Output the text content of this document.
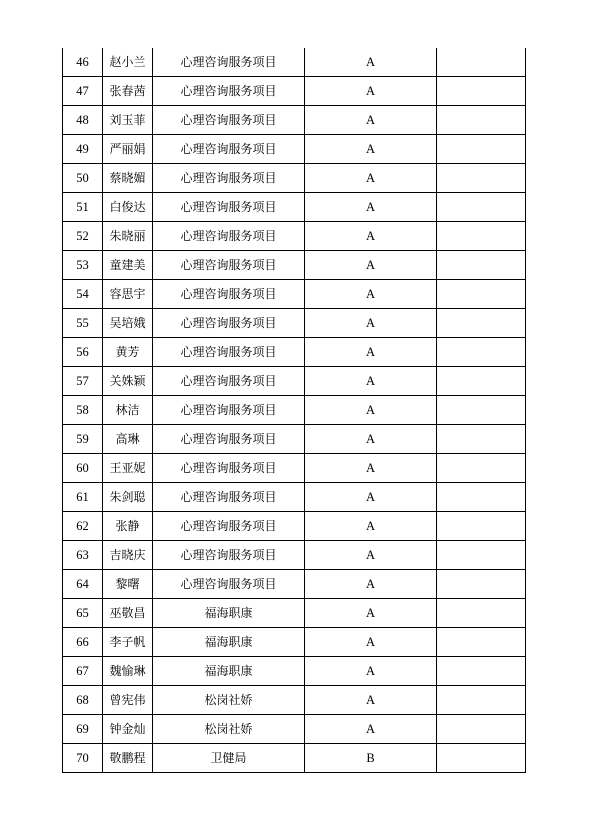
46	赵小兰	心理咨询服务项目	A	
47	张春茜	心理咨询服务项目	A	
48	刘玉菲	心理咨询服务项目	A	
49	严丽娟	心理咨询服务项目	A	
50	蔡晓媚	心理咨询服务项目	A	
51	白俊达	心理咨询服务项目	A	
52	朱晓丽	心理咨询服务项目	A	
53	童建美	心理咨询服务项目	A	
54	容思宇	心理咨询服务项目	A	
55	吴培娥	心理咨询服务项目	A	
56	黄芳	心理咨询服务项目	A	
57	关姝颖	心理咨询服务项目	A	
58	林洁	心理咨询服务项目	A	
59	高琳	心理咨询服务项目	A	
60	王亚妮	心理咨询服务项目	A	
61	朱剑聪	心理咨询服务项目	A	
62	张静	心理咨询服务项目	A	
63	吉晓庆	心理咨询服务项目	A	
64	黎曙	心理咨询服务项目	A	
65	巫敬昌	福海职康	A	
66	李子帆	福海职康	A	
67	魏愉琳	福海职康	A	
68	曾宪伟	松岗社娇	A	
69	钟金灿	松岗社娇	A	
70	敬鹏程	卫健局	B	
